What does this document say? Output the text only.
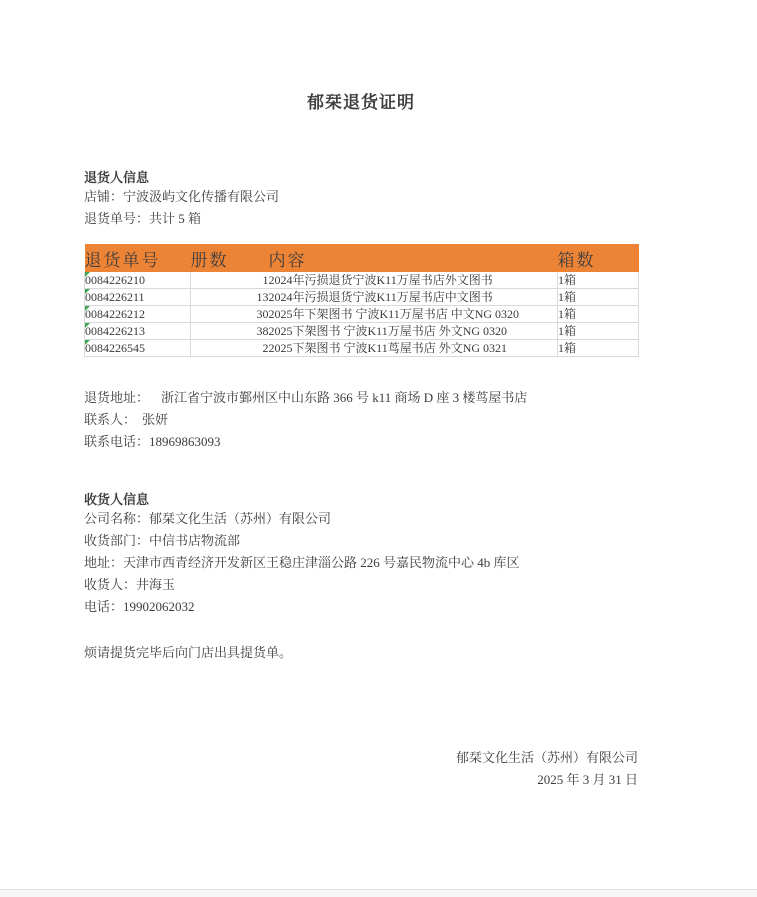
郁栞退货证明
退货人信息
店铺：宁波汲屿文化传播有限公司
退货单号：共计 5 箱
退货单号	册数	内容	箱数

0084226210	1	2024年污损退货宁波K11万屋书店外文图书	1箱

0084226211	13	2024年污损退货宁波K11万屋书店中文图书	1箱

0084226212	30	2025年下架图书 宁波K11万屋书店 中文NG 0320	1箱

0084226213	38	2025下架图书 宁波K11万屋书店 外文NG 0320	1箱

0084226545	2	2025下架图书 宁波K11茑屋书店 外文NG 0321	1箱
退货地址： 浙江省宁波市鄞州区中山东路 366 号 k11 商场 D 座 3 楼茑屋书店
联系人： 张妍
联系电话：18969863093
收货人信息
公司名称：郁栞文化生活（苏州）有限公司
收货部门：中信书店物流部
地址：天津市西青经济开发新区王稳庄津淄公路 226 号嘉民物流中心 4b 库区
收货人：井海玉
电话：19902062032
烦请提货完毕后向门店出具提货单。
郁栞文化生活（苏州）有限公司
2025 年 3 月 31 日
